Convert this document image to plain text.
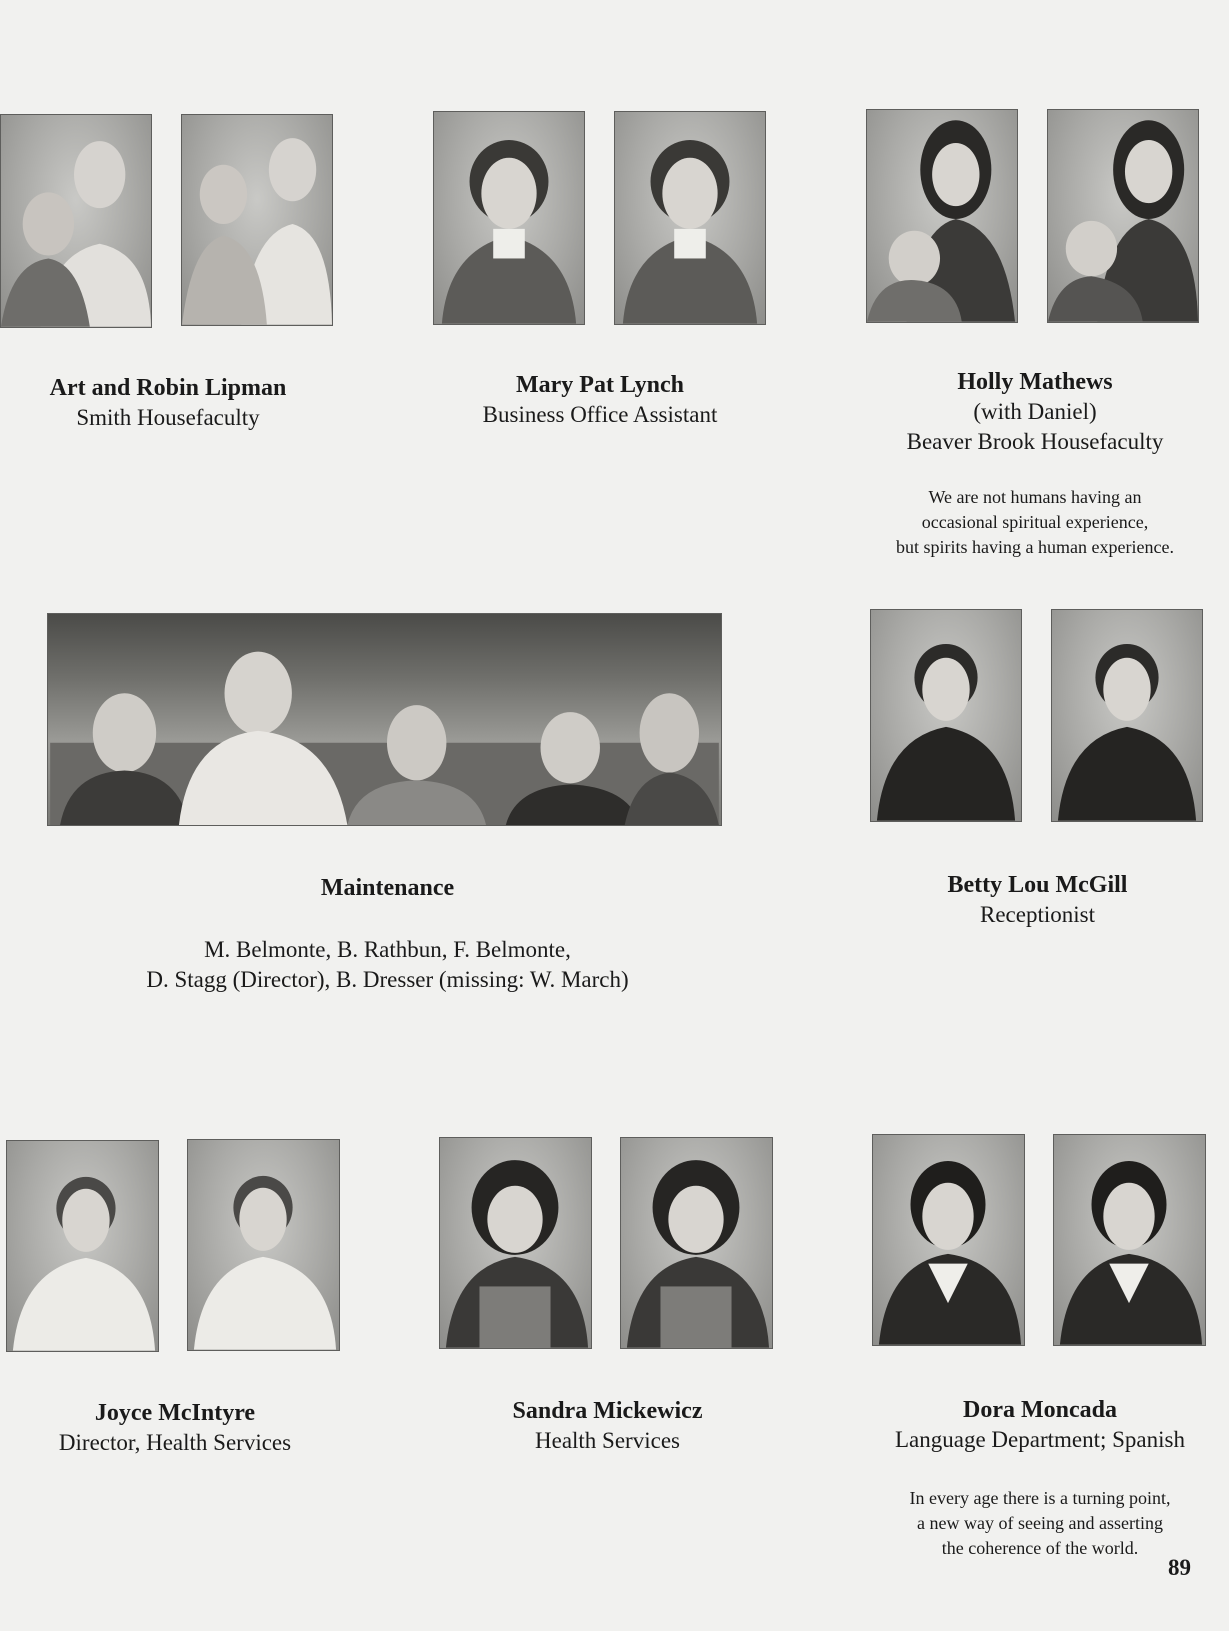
Art and Robin Lipman
Smith Housefaculty
Mary Pat Lynch
Business Office Assistant
Holly Mathews
(with Daniel)
Beaver Brook Housefaculty
We are not humans having an
occasional spiritual experience,
but spirits having a human experience.
Maintenance
M. Belmonte, B. Rathbun, F. Belmonte,
D. Stagg (Director), B. Dresser (missing: W. March)
Betty Lou McGill
Receptionist
Joyce McIntyre
Director, Health Services
Sandra Mickewicz
Health Services
Dora Moncada
Language Department; Spanish
In every age there is a turning point,
a new way of seeing and asserting
the coherence of the world.
89
